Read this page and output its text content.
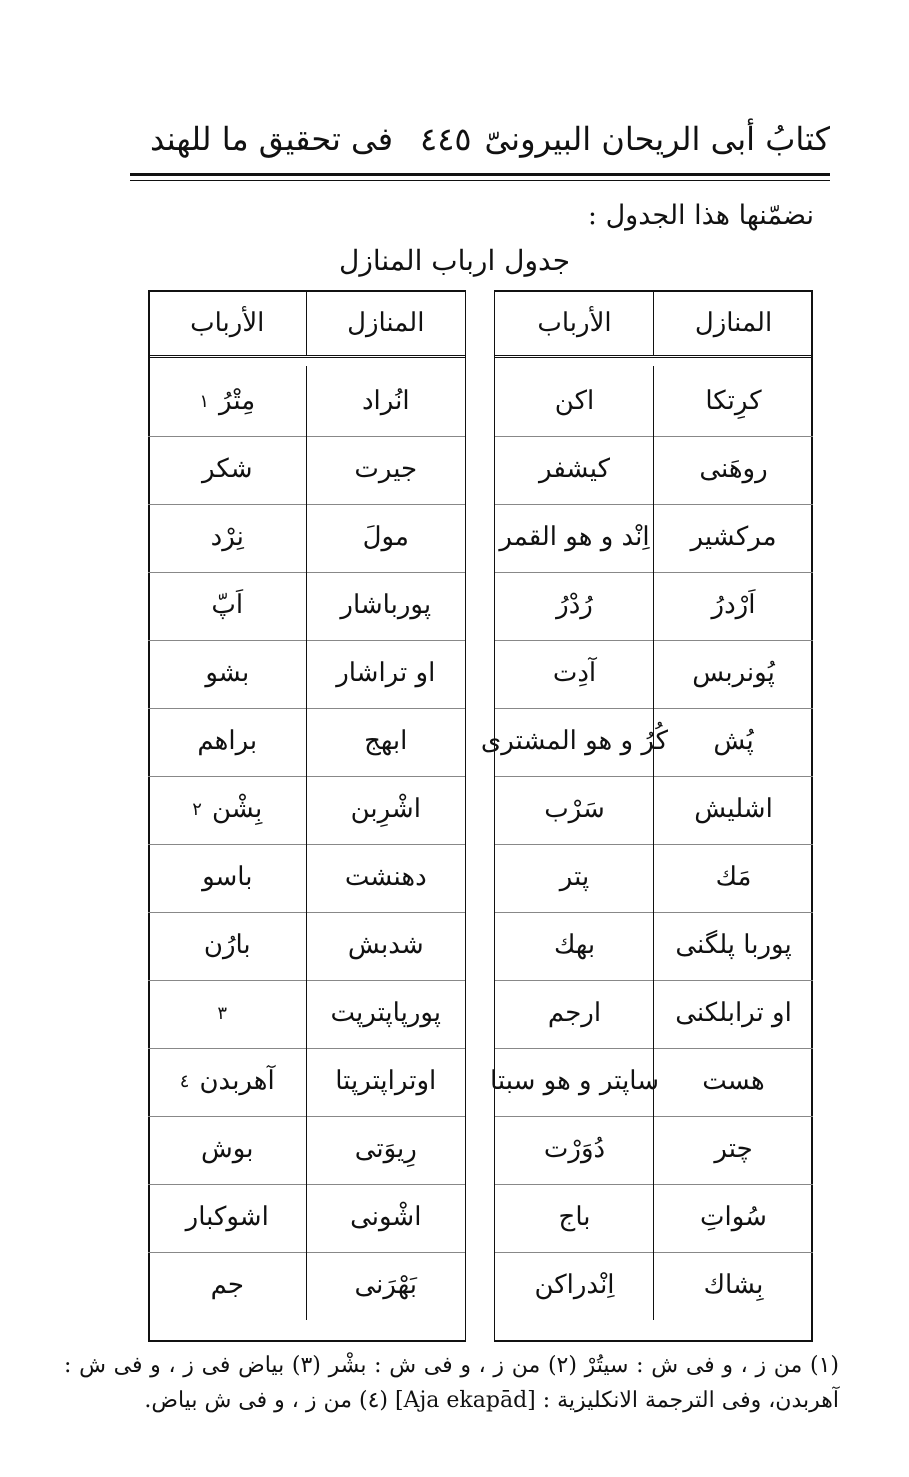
كتابُ أبى الريحان البيرونىّ
٤٤٥
فى تحقيق ما للهند
نضمّنها هذا الجدول :
جدول ارباب المنازل
المنازل
الأرباب
كرِتكا
اكن
روهَنى
كيشفر
مركشير
اِنْد و هو القمر
اَرْدرُ
رُدْرُ
پُونربس
آدِت
پُش
كُرُ و هو المشترى
اشليش
سَرْب
مَك
پتر
پوربا پلگنى
بهك
او ترابلكنى
ارجم
هست
ساپتر و هو سبتا
چتر
دُوَرْت
سُواتِ
باج
بِشاك
اِنْدراكن
المنازل
الأرباب
انُراد
مِتْرُ
١
جيرت
شكر
مولَ
نِرْد
پورباشار
اَپّ
او تراشار
بشو
ابهج
براهم
اشْرِبن
بِشْن
٢
دهنشت
باسو
شدبش
بارُن
پورپاپترپت
٣
اوتراپترپتا
آهربدن
٤
رِيوَتى
بوش
اشْونى
اشوكبار
بَهْرَنى
جم
(١) من ز ، و فى ش : سيتُرْ (٢) من ز ، و فى ش : بشْر (٣) بياض فى ز ، و فى ش : آهربدن، وفى الترجمة الانكليزية : [Aja ekapād] (٤) من ز ، و فى ش بياض.
